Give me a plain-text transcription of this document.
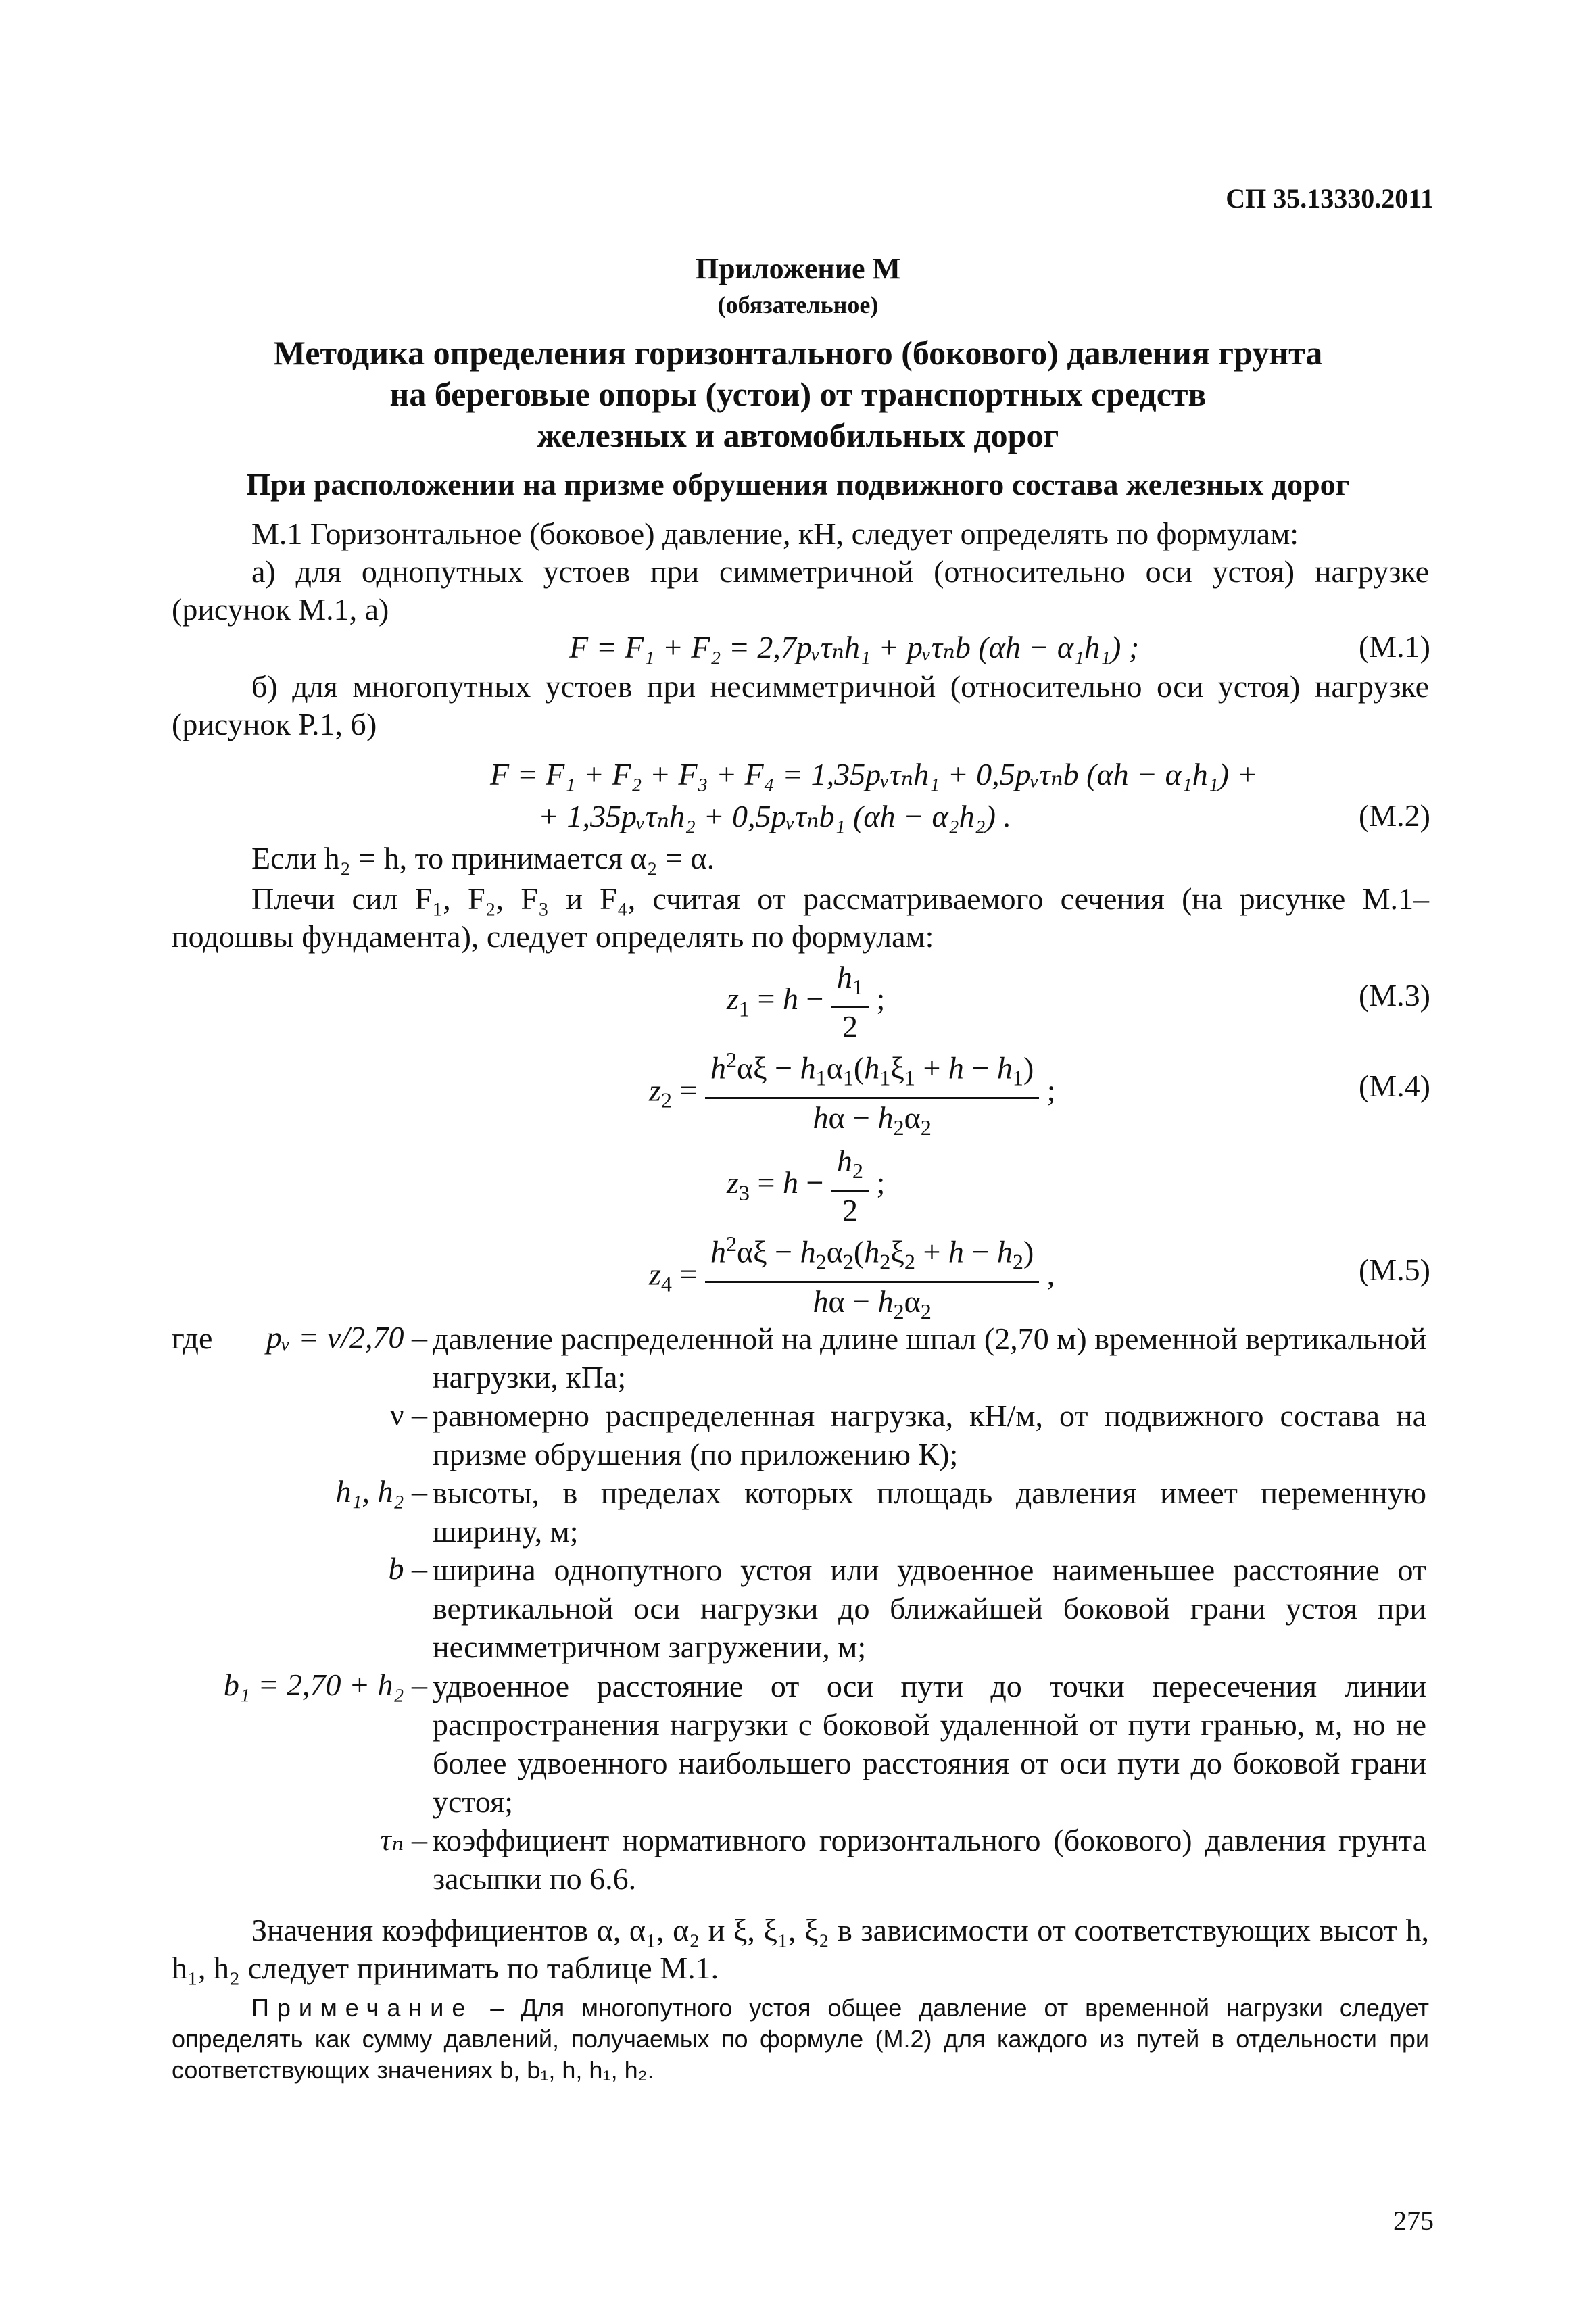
СП 35.13330.2011
Приложение М
(обязательное)
Методика определения горизонтального (бокового) давления грунта
на береговые опоры (устои) от транспортных средств
железных и автомобильных дорог
При расположении на призме обрушения подвижного состава железных дорог
М.1 Горизонтальное (боковое) давление, кН, следует определять по формулам:
а) для однопутных устоев при симметричной (относительно оси устоя) нагрузке (рисунок М.1, а)
F = F₁ + F₂ = 2,7pᵥτₙh₁ + pᵥτₙb (αh − α₁h₁) ;	(М.1)
б) для многопутных устоев при несимметричной (относительно оси устоя) нагрузке (рисунок Р.1, б)
F = F₁ + F₂ + F₃ + F₄ = 1,35pᵥτₙh₁ + 0,5pᵥτₙb (αh − α₁h₁) +
+ 1,35pᵥτₙh₂ + 0,5pᵥτₙb₁ (αh − α₂h₂) .	(М.2)
Если h₂ = h, то принимается α₂ = α.
Плечи сил F₁, F₂, F₃ и F₄, считая от рассматриваемого сечения (на рисунке М.1– подошвы фундамента), следует определять по формулам:
$z_1 = h - \frac{h_1}{2}$ ;	(М.3)
$z_2 = \frac{h^2\alpha\xi - h_1\alpha_1(h_1\xi_1 + h - h_1)}{h\alpha - h_2\alpha_2}$ ;	(М.4)
$z_3 = h - \frac{h_2}{2}$ ;
$z_4 = \frac{h^2\alpha\xi - h_2\alpha_2(h_2\xi_2 + h - h_2)}{h\alpha - h_2\alpha_2}$ ,	(М.5)
где	pᵥ = ν/2,70 – давление распределенной на длине шпал (2,70 м) временной вертикальной нагрузки, кПа;
ν – равномерно распределенная нагрузка, кН/м, от подвижного состава на призме обрушения (по приложению К);
h₁, h₂ – высоты, в пределах которых площадь давления имеет переменную ширину, м;
b – ширина однопутного устоя или удвоенное наименьшее расстояние от вертикальной оси нагрузки до ближайшей боковой грани устоя при несимметричном загружении, м;
b₁ = 2,70 + h₂ – удвоенное расстояние от оси пути до точки пересечения линии распространения нагрузки с боковой удаленной от пути гранью, м, но не более удвоенного наибольшего расстояния от оси пути до боковой грани устоя;
τₙ – коэффициент нормативного горизонтального (бокового) давления грунта засыпки по 6.6.
Значения коэффициентов α, α₁, α₂ и ξ, ξ₁, ξ₂ в зависимости от соответствующих высот h, h₁, h₂ следует принимать по таблице М.1.
Примечание – Для многопутного устоя общее давление от временной нагрузки следует определять как сумму давлений, получаемых по формуле (М.2) для каждого из путей в отдельности при соответствующих значениях b, b₁, h, h₁, h₂.
275
